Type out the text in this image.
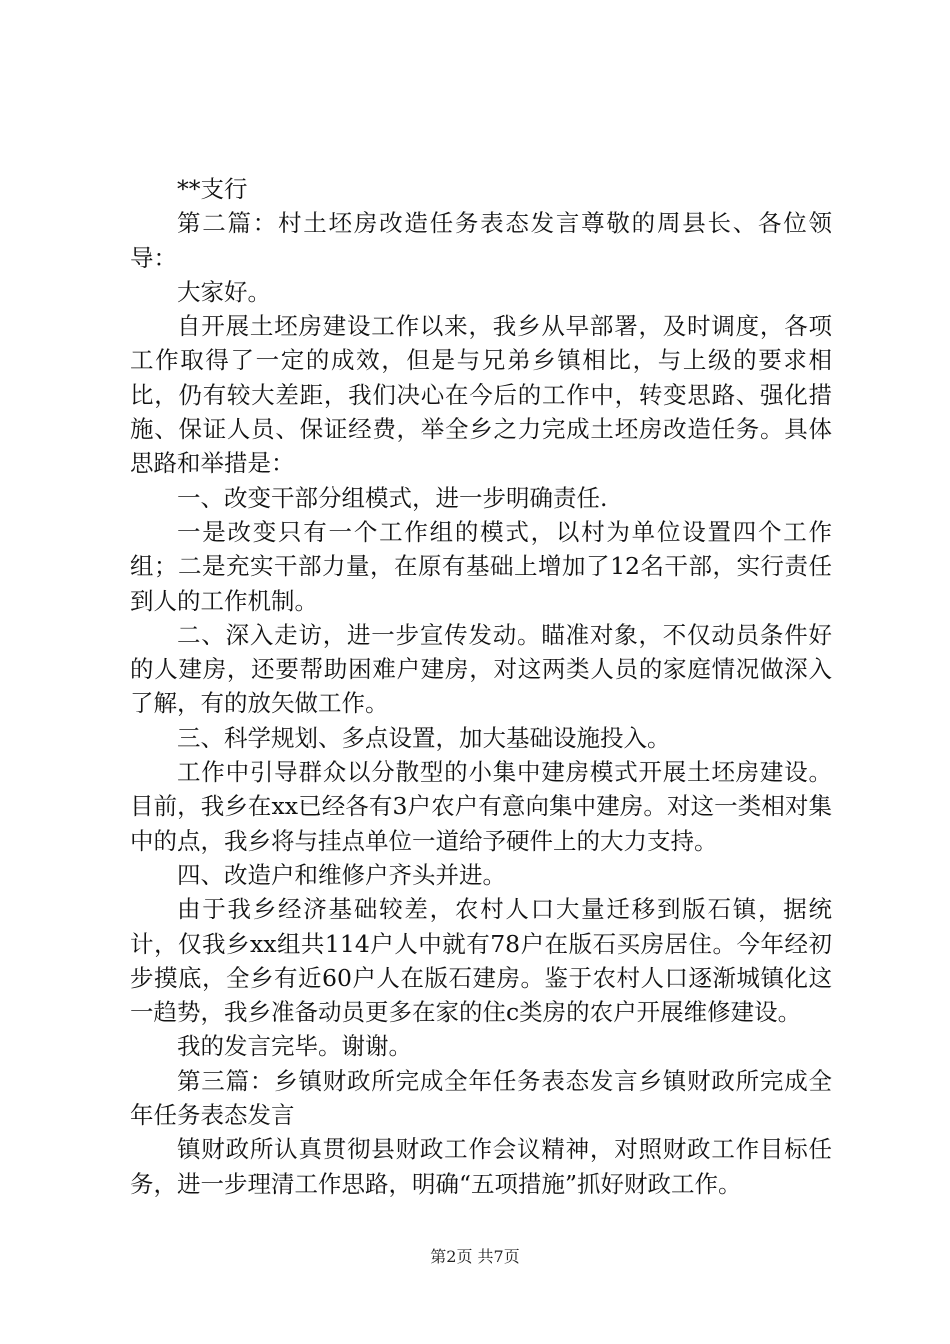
**支行

第二篇：村土坯房改造任务表态发言尊敬的周县长、各位领导：

大家好。

自开展土坯房建设工作以来，我乡从早部署，及时调度，各项工作取得了一定的成效，但是与兄弟乡镇相比，与上级的要求相比，仍有较大差距，我们决心在今后的工作中，转变思路、强化措施、保证人员、保证经费，举全乡之力完成土坯房改造任务。具体思路和举措是：

一、改变干部分组模式，进一步明确责任.

一是改变只有一个工作组的模式，以村为单位设置四个工作组；二是充实干部力量，在原有基础上增加了12名干部，实行责任到人的工作机制。

二、深入走访，进一步宣传发动。瞄准对象，不仅动员条件好的人建房，还要帮助困难户建房，对这两类人员的家庭情况做深入了解，有的放矢做工作。

三、科学规划、多点设置，加大基础设施投入。

工作中引导群众以分散型的小集中建房模式开展土坯房建设。目前，我乡在xx已经各有3户农户有意向集中建房。对这一类相对集中的点，我乡将与挂点单位一道给予硬件上的大力支持。

四、改造户和维修户齐头并进。

由于我乡经济基础较差，农村人口大量迁移到版石镇，据统计，仅我乡xx组共114户人中就有78户在版石买房居住。今年经初步摸底，全乡有近60户人在版石建房。鉴于农村人口逐渐城镇化这一趋势，我乡准备动员更多在家的住c类房的农户开展维修建设。

我的发言完毕。谢谢。

第三篇：乡镇财政所完成全年任务表态发言乡镇财政所完成全年任务表态发言

镇财政所认真贯彻县财政工作会议精神，对照财政工作目标任务，进一步理清工作思路，明确“五项措施”抓好财政工作。

第2页 共7页
